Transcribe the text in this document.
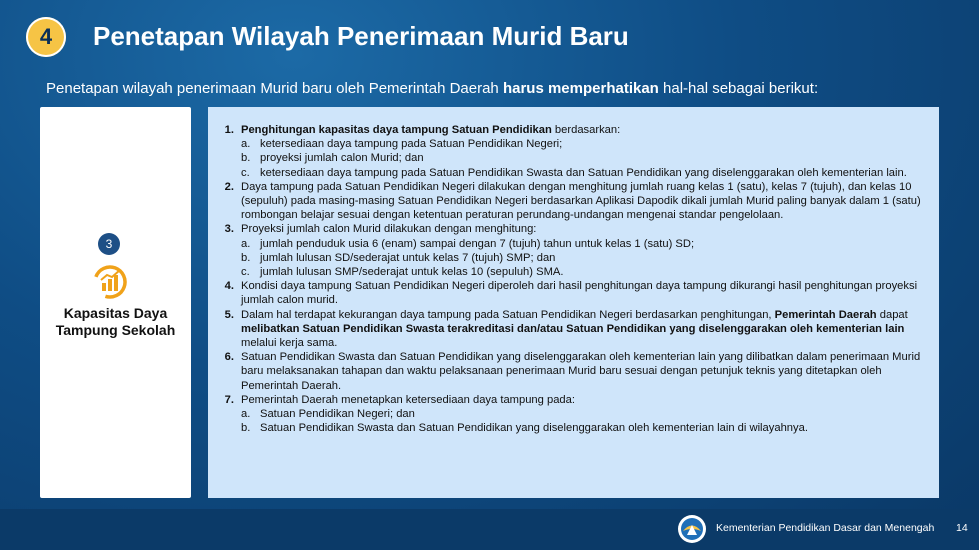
4	Penetapan Wilayah Penerimaan Murid Baru
Penetapan wilayah penerimaan Murid baru oleh Pemerintah Daerah harus memperhatikan hal-hal sebagai berikut:
3
Kapasitas Daya
Tampung Sekolah
1. Penghitungan kapasitas daya tampung Satuan Pendidikan berdasarkan:
a. ketersediaan daya tampung pada Satuan Pendidikan Negeri;
b. proyeksi jumlah calon Murid; dan
c. ketersediaan daya tampung pada Satuan Pendidikan Swasta dan Satuan Pendidikan yang diselenggarakan oleh kementerian lain.
2. Daya tampung pada Satuan Pendidikan Negeri dilakukan dengan menghitung jumlah ruang kelas 1 (satu), kelas 7 (tujuh), dan kelas 10 (sepuluh) pada masing-masing Satuan Pendidikan Negeri berdasarkan Aplikasi Dapodik dikali jumlah Murid paling banyak dalam 1 (satu) rombongan belajar sesuai dengan ketentuan peraturan perundang-undangan mengenai standar pengelolaan.
3. Proyeksi jumlah calon Murid dilakukan dengan menghitung:
a. jumlah penduduk usia 6 (enam) sampai dengan 7 (tujuh) tahun untuk kelas 1 (satu) SD;
b. jumlah lulusan SD/sederajat untuk kelas 7 (tujuh) SMP; dan
c. jumlah lulusan SMP/sederajat untuk kelas 10 (sepuluh) SMA.
4. Kondisi daya tampung Satuan Pendidikan Negeri diperoleh dari hasil penghitungan daya tampung dikurangi hasil penghitungan proyeksi jumlah calon murid.
5. Dalam hal terdapat kekurangan daya tampung pada Satuan Pendidikan Negeri berdasarkan penghitungan, Pemerintah Daerah dapat melibatkan Satuan Pendidikan Swasta terakreditasi dan/atau Satuan Pendidikan yang diselenggarakan oleh kementerian lain melalui kerja sama.
6. Satuan Pendidikan Swasta dan Satuan Pendidikan yang diselenggarakan oleh kementerian lain yang dilibatkan dalam penerimaan Murid baru melaksanakan tahapan dan waktu pelaksanaan penerimaan Murid baru sesuai dengan petunjuk teknis yang ditetapkan oleh Pemerintah Daerah.
7. Pemerintah Daerah menetapkan ketersediaan daya tampung pada:
a. Satuan Pendidikan Negeri; dan
b. Satuan Pendidikan Swasta dan Satuan Pendidikan yang diselenggarakan oleh kementerian lain di wilayahnya.
Kementerian Pendidikan Dasar dan Menengah 14
